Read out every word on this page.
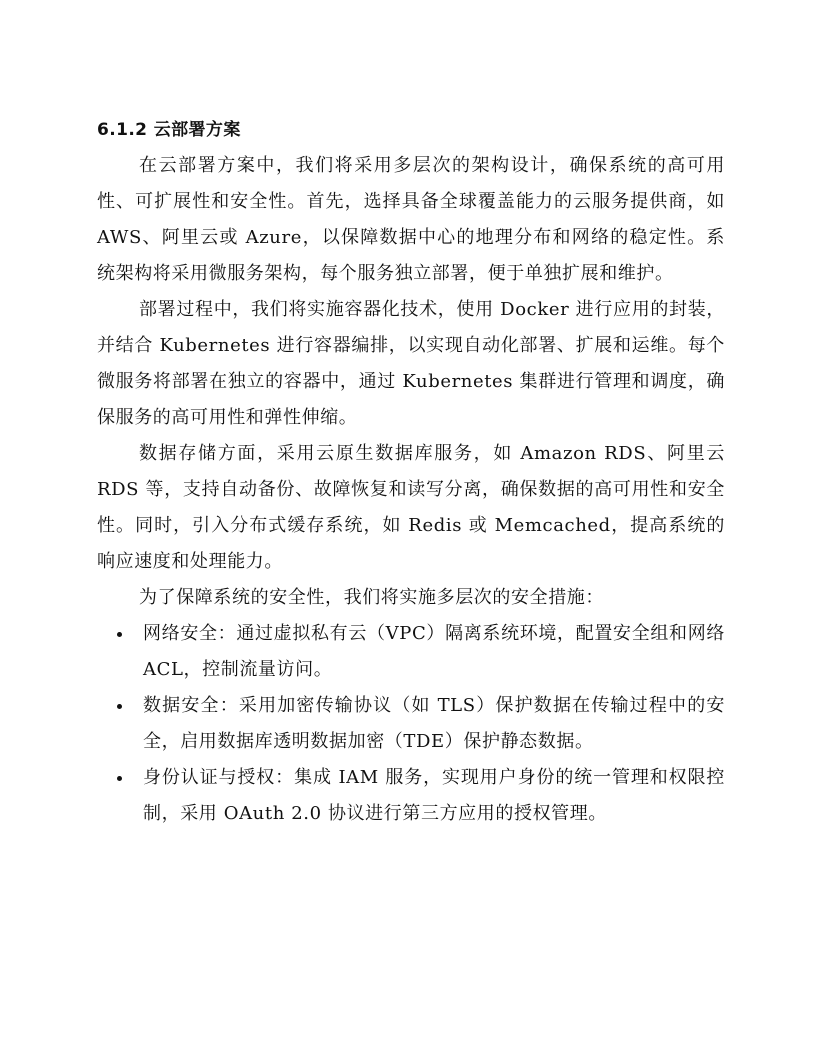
6.1.2 云部署方案

在云部署方案中，我们将采用多层次的架构设计，确保系统的高可用性、可扩展性和安全性。首先，选择具备全球覆盖能力的云服务提供商，如 AWS、阿里云或 Azure，以保障数据中心的地理分布和网络的稳定性。系统架构将采用微服务架构，每个服务独立部署，便于单独扩展和维护。

部署过程中，我们将实施容器化技术，使用 Docker 进行应用的封装，并结合 Kubernetes 进行容器编排，以实现自动化部署、扩展和运维。每个微服务将部署在独立的容器中，通过 Kubernetes 集群进行管理和调度，确保服务的高可用性和弹性伸缩。

数据存储方面，采用云原生数据库服务，如 Amazon RDS、阿里云 RDS 等，支持自动备份、故障恢复和读写分离，确保数据的高可用性和安全性。同时，引入分布式缓存系统，如 Redis 或 Memcached，提高系统的响应速度和处理能力。

为了保障系统的安全性，我们将实施多层次的安全措施：

网络安全：通过虚拟私有云（VPC）隔离系统环境，配置安全组和网络 ACL，控制流量访问。
数据安全：采用加密传输协议（如 TLS）保护数据在传输过程中的安全，启用数据库透明数据加密（TDE）保护静态数据。
身份认证与授权：集成 IAM 服务，实现用户身份的统一管理和权限控制，采用 OAuth 2.0 协议进行第三方应用的授权管理。
